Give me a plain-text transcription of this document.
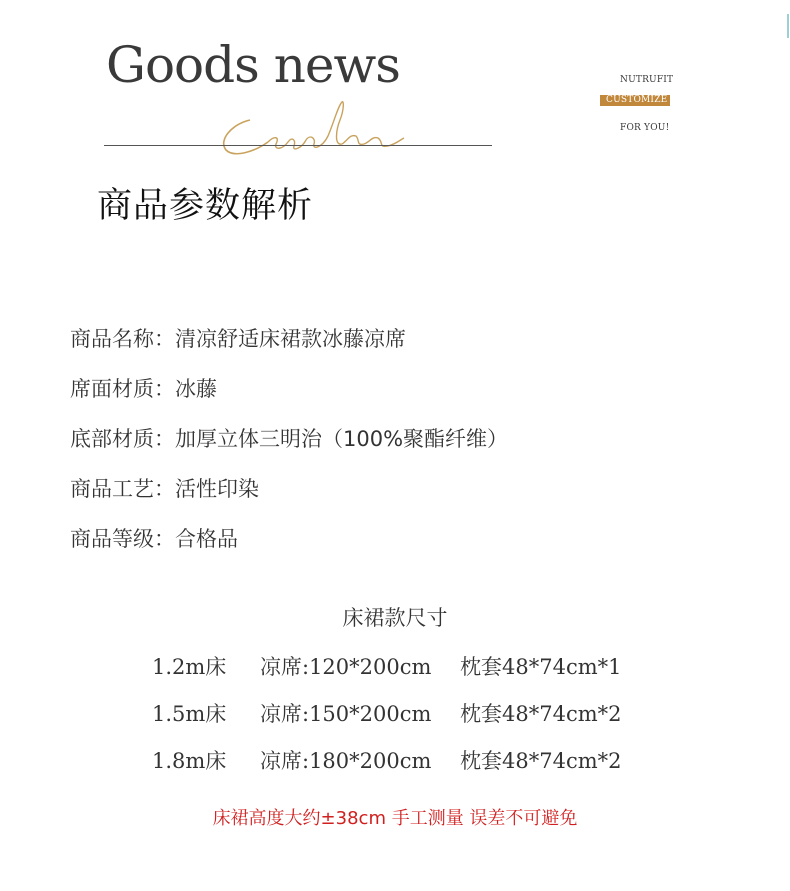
Goods news	NUTRUFIT
CUSTOMIZE
FOR YOU!
商品参数解析
商品名称：清凉舒适床裙款冰藤凉席
席面材质：冰藤
底部材质：加厚立体三明治（100%聚酯纤维）
商品工艺：活性印染
商品等级：合格品
床裙款尺寸
1.2m床 凉席:120*200cm 枕套48*74cm*1
1.5m床 凉席:150*200cm 枕套48*74cm*2
1.8m床 凉席:180*200cm 枕套48*74cm*2
床裙高度大约±38cm 手工测量 误差不可避免
